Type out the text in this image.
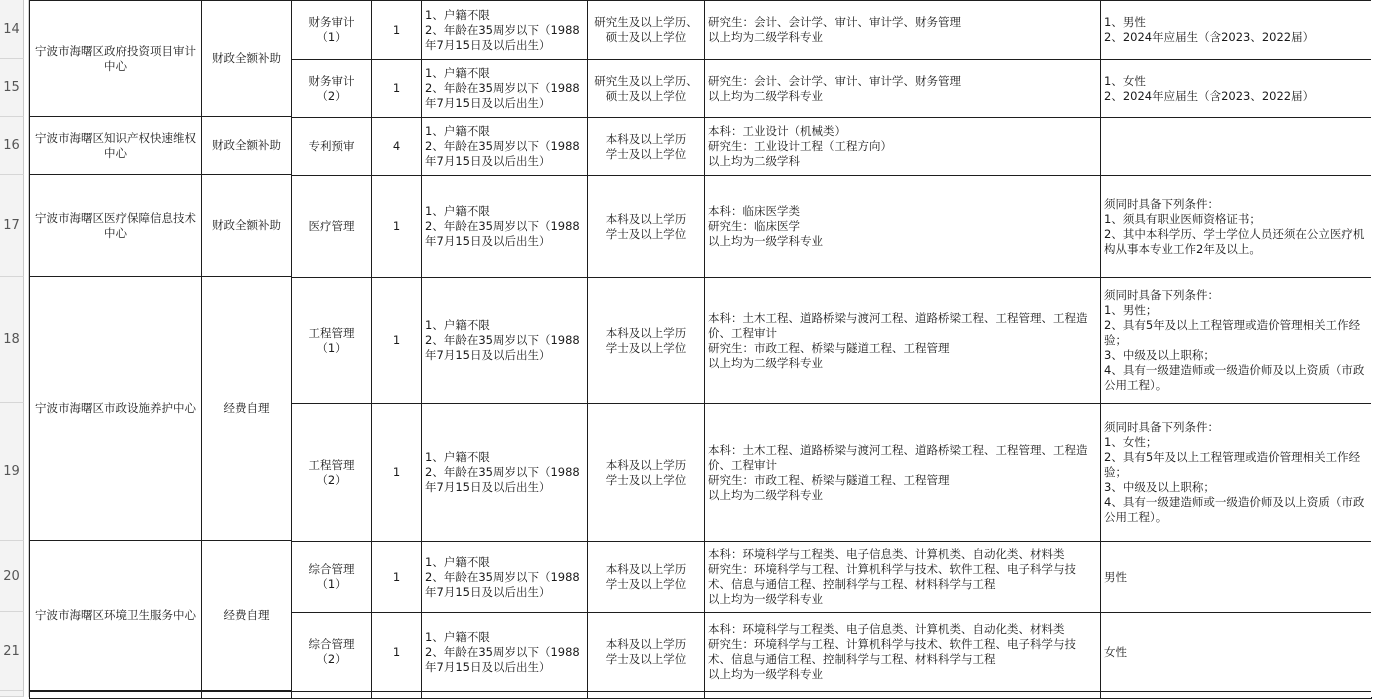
14
15
16
17
18
19
20
21
宁波市海曙区政府投资项目审计中心
财政全额补助
宁波市海曙区知识产权快速维权中心
财政全额补助
宁波市海曙区医疗保障信息技术中心
财政全额补助
宁波市海曙区市政设施养护中心 经费自理
宁波市海曙区环境卫生服务中心 经费自理
财务审计
（1）
1
1、户籍不限
2、年龄在35周岁以下（1988年7月15日及以后出生）
研究生及以上学历、硕士及以上学位
研究生：会计、会计学、审计、审计学、财务管理
以上均为二级学科专业
1、男性
2、2024年应届生（含2023、2022届）
财务审计
（2）
1
1、户籍不限
2、年龄在35周岁以下（1988年7月15日及以后出生）
研究生及以上学历、硕士及以上学位
研究生：会计、会计学、审计、审计学、财务管理
以上均为二级学科专业
1、女性
2、2024年应届生（含2023、2022届）
专利预审	4
1、户籍不限
2、年龄在35周岁以下（1988年7月15日及以后出生）
本科及以上学历
学士及以上学位
本科：工业设计（机械类）
研究生：工业设计工程（工程方向）
以上均为二级学科
医疗管理	1
1、户籍不限
2、年龄在35周岁以下（1988年7月15日及以后出生）
本科及以上学历
学士及以上学位
本科：临床医学类
研究生：临床医学
以上均为一级学科专业
须同时具备下列条件：
1、须具有职业医师资格证书；
2、其中本科学历、学士学位人员还须在公立医疗机构从事本专业工作2年及以上。
工程管理
（1）
1
1、户籍不限
2、年龄在35周岁以下（1988年7月15日及以后出生）
本科及以上学历
学士及以上学位
本科：土木工程、道路桥梁与渡河工程、道路桥梁工程、工程管理、工程造价、工程审计
研究生：市政工程、桥梁与隧道工程、工程管理
以上均为二级学科专业
须同时具备下列条件：
1、男性；
2、具有5年及以上工程管理或造价管理相关工作经验；
3、中级及以上职称；
4、具有一级建造师或一级造价师及以上资质（市政公用工程）。
工程管理
（2）
1
1、户籍不限
2、年龄在35周岁以下（1988年7月15日及以后出生）
本科及以上学历
学士及以上学位
本科：土木工程、道路桥梁与渡河工程、道路桥梁工程、工程管理、工程造价、工程审计
研究生：市政工程、桥梁与隧道工程、工程管理
以上均为二级学科专业
须同时具备下列条件：
1、女性；
2、具有5年及以上工程管理或造价管理相关工作经验；
3、中级及以上职称；
4、具有一级建造师或一级造价师及以上资质（市政公用工程）。
综合管理
（1）
1
1、户籍不限
2、年龄在35周岁以下（1988年7月15日及以后出生）
本科及以上学历
学士及以上学位
本科：环境科学与工程类、电子信息类、计算机类、自动化类、材料类
研究生：环境科学与工程、计算机科学与技术、软件工程、电子科学与技术、信息与通信工程、控制科学与工程、材料科学与工程
以上均为一级学科专业
男性
综合管理
（2）
1
1、户籍不限
2、年龄在35周岁以下（1988年7月15日及以后出生）
本科及以上学历
学士及以上学位
本科：环境科学与工程类、电子信息类、计算机类、自动化类、材料类
研究生：环境科学与工程、计算机科学与技术、软件工程、电子科学与技术、信息与通信工程、控制科学与工程、材料科学与工程
以上均为一级学科专业
女性
